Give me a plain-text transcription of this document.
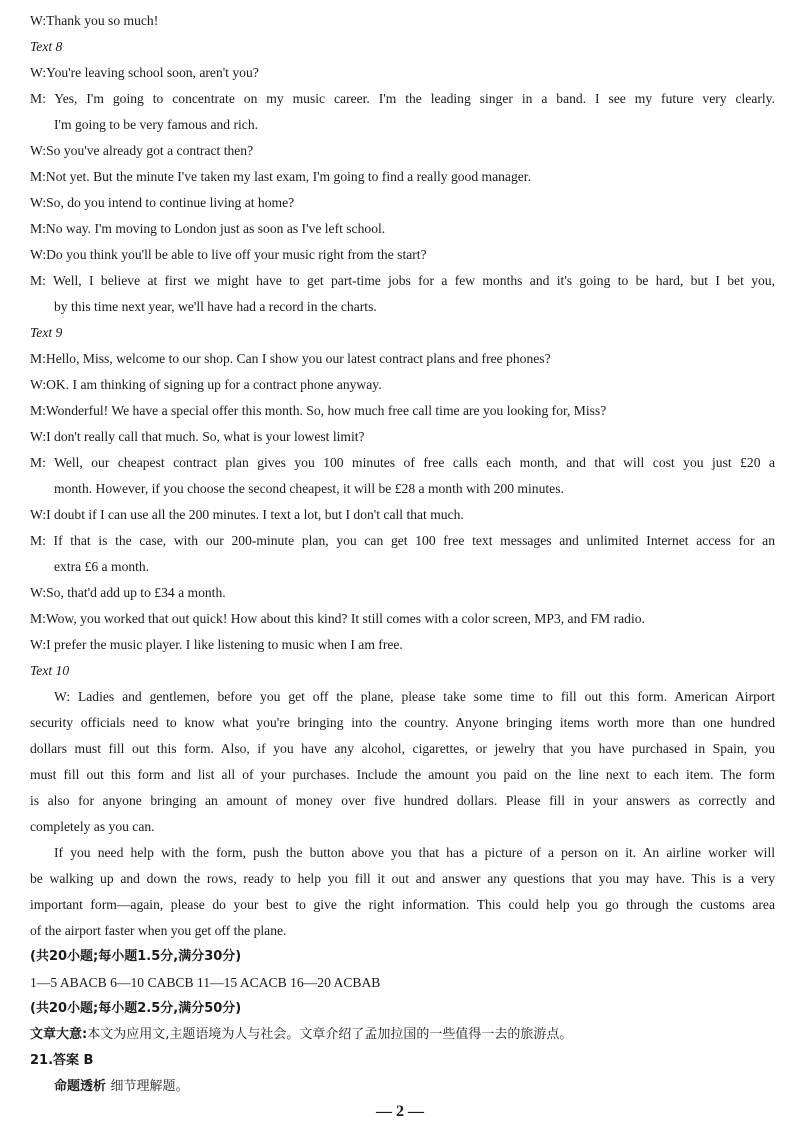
W:Thank you so much!
Text 8
W:You're leaving school soon, aren't you?
M: Yes, I'm going to concentrate on my music career. I'm the leading singer in a band. I see my future very clearly.
I'm going to be very famous and rich.
W:So you've already got a contract then?
M:Not yet. But the minute I've taken my last exam, I'm going to find a really good manager.
W:So, do you intend to continue living at home?
M:No way. I'm moving to London just as soon as I've left school.
W:Do you think you'll be able to live off your music right from the start?
M: Well, I believe at first we might have to get part-time jobs for a few months and it's going to be hard, but I bet you,
by this time next year, we'll have had a record in the charts.
Text 9
M:Hello, Miss, welcome to our shop. Can I show you our latest contract plans and free phones?
W:OK. I am thinking of signing up for a contract phone anyway.
M:Wonderful! We have a special offer this month. So, how much free call time are you looking for, Miss?
W:I don't really call that much. So, what is your lowest limit?
M: Well, our cheapest contract plan gives you 100 minutes of free calls each month, and that will cost you just £20 a
month. However, if you choose the second cheapest, it will be £28 a month with 200 minutes.
W:I doubt if I can use all the 200 minutes. I text a lot, but I don't call that much.
M: If that is the case, with our 200-minute plan, you can get 100 free text messages and unlimited Internet access for an
extra £6 a month.
W:So, that'd add up to £34 a month.
M:Wow, you worked that out quick! How about this kind? It still comes with a color screen, MP3, and FM radio.
W:I prefer the music player. I like listening to music when I am free.
Text 10
W: Ladies and gentlemen, before you get off the plane, please take some time to fill out this form. American Airport
security officials need to know what you're bringing into the country. Anyone bringing items worth more than one hundred
dollars must fill out this form. Also, if you have any alcohol, cigarettes, or jewelry that you have purchased in Spain, you
must fill out this form and list all of your purchases. Include the amount you paid on the line next to each item. The form
is also for anyone bringing an amount of money over five hundred dollars. Please fill in your answers as correctly and
completely as you can.
If you need help with the form, push the button above you that has a picture of a person on it. An airline worker will
be walking up and down the rows, ready to help you fill it out and answer any questions that you may have. This is a very
important form—again, please do your best to give the right information. This could help you go through the customs area
of the airport faster when you get off the plane.
(共20小题;每小题1.5分,满分30分)
1—5 ABACB 6—10 CABCB 11—15 ACACB 16—20 ACBAB
(共20小题;每小题2.5分,满分50分)
文章大意:本文为应用文,主题语境为人与社会。文章介绍了孟加拉国的一些值得一去的旅游点。
21.答案 B
命题透析 细节理解题。
— 2 —
